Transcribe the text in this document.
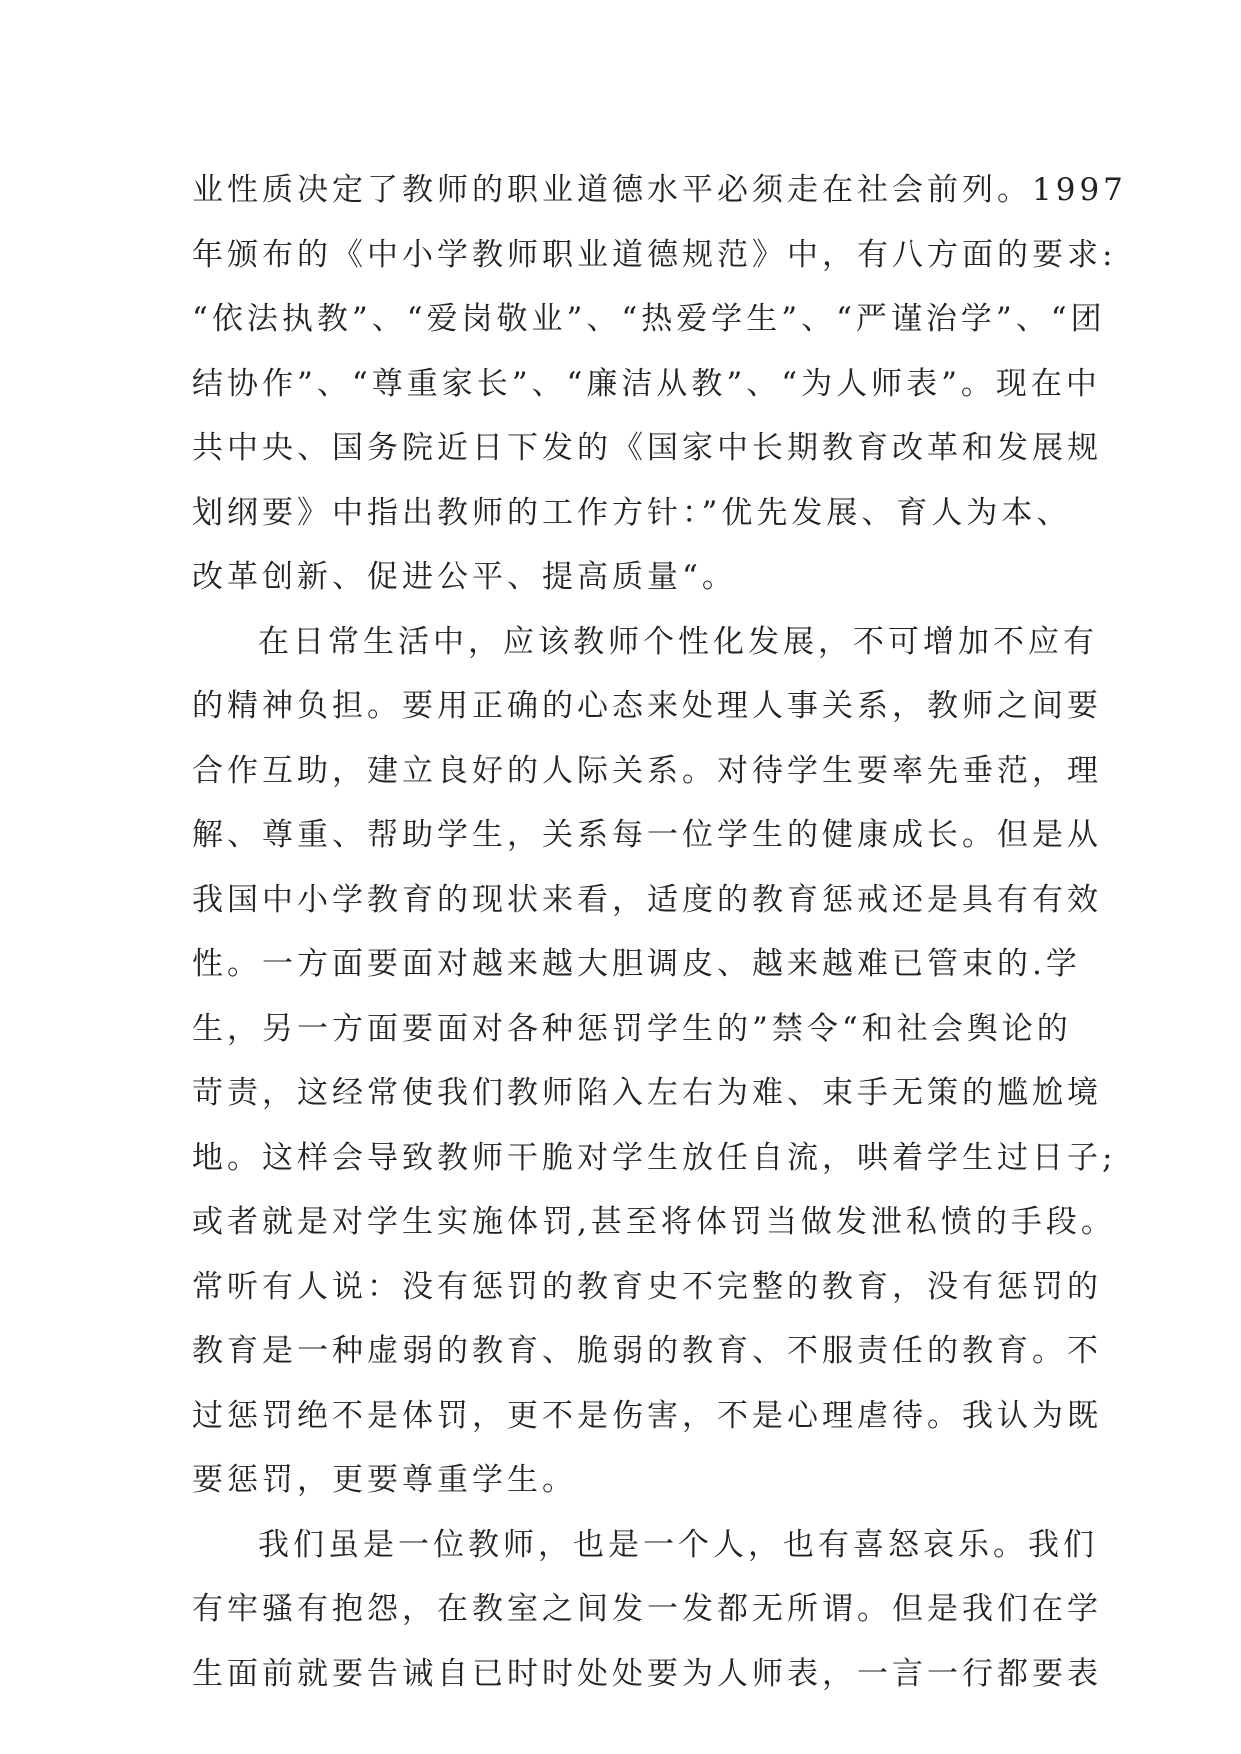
业性质决定了教师的职业道德水平必须走在社会前列。1997
年颁布的《中小学教师职业道德规范》中，有八方面的要求:
“依法执教”、“爱岗敬业”、“热爱学生”、“严谨治学”、“团
结协作”、“尊重家长”、“廉洁从教”、“为人师表”。现在中
共中央、国务院近日下发的《国家中长期教育改革和发展规
划纲要》中指出教师的工作方针：”优先发展、育人为本、
改革创新、促进公平、提高质量“。
在日常生活中，应该教师个性化发展，不可增加不应有
的精神负担。要用正确的心态来处理人事关系，教师之间要
合作互助，建立良好的人际关系。对待学生要率先垂范，理
解、尊重、帮助学生，关系每一位学生的健康成长。但是从
我国中小学教育的现状来看，适度的教育惩戒还是具有有效
性。一方面要面对越来越大胆调皮、越来越难已管束的.学
生，另一方面要面对各种惩罚学生的”禁令“和社会舆论的
苛责，这经常使我们教师陷入左右为难、束手无策的尴尬境
地。这样会导致教师干脆对学生放任自流，哄着学生过日子;
或者就是对学生实施体罚,甚至将体罚当做发泄私愤的手段。
常听有人说：没有惩罚的教育史不完整的教育，没有惩罚的
教育是一种虚弱的教育、脆弱的教育、不服责任的教育。不
过惩罚绝不是体罚，更不是伤害，不是心理虐待。我认为既
要惩罚，更要尊重学生。
我们虽是一位教师，也是一个人，也有喜怒哀乐。我们
有牢骚有抱怨，在教室之间发一发都无所谓。但是我们在学
生面前就要告诫自已时时处处要为人师表，一言一行都要表
